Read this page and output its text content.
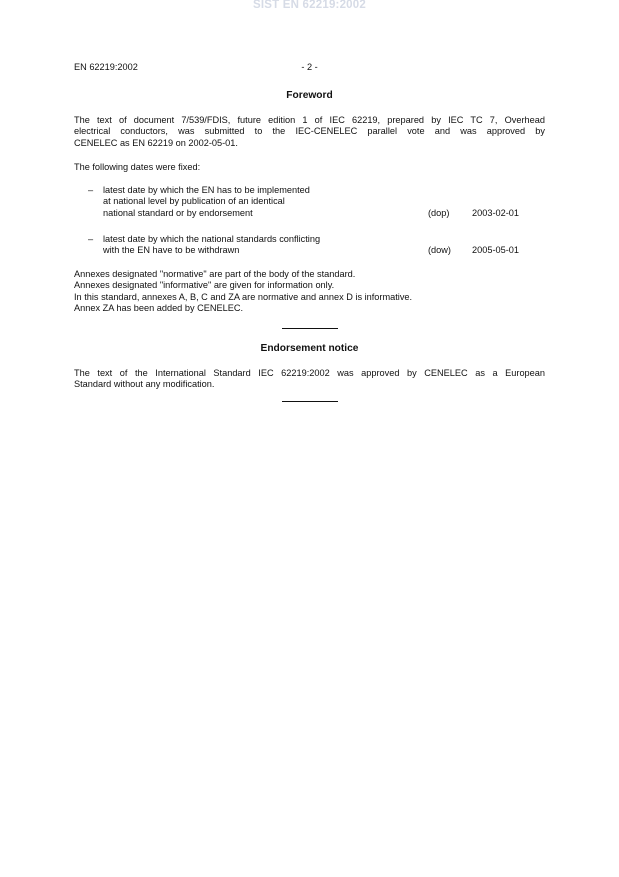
SIST EN 62219:2002
EN 62219:2002	- 2 -
Foreword
The text of document 7/539/FDIS, future edition 1 of IEC 62219, prepared by IEC TC 7, Overhead
electrical conductors, was submitted to the IEC-CENELEC parallel vote and was approved by
CENELEC as EN 62219 on 2002-05-01.
The following dates were fixed:
– latest date by which the EN has to be implemented
at national level by publication of an identical
national standard or by endorsement	(dop)	2003-02-01
– latest date by which the national standards conflicting
with the EN have to be withdrawn	(dow)	2005-05-01
Annexes designated "normative" are part of the body of the standard.
Annexes designated "informative" are given for information only.
In this standard, annexes A, B, C and ZA are normative and annex D is informative.
Annex ZA has been added by CENELEC.
Endorsement notice
The text of the International Standard IEC 62219:2002 was approved by CENELEC as a European
Standard without any modification.
